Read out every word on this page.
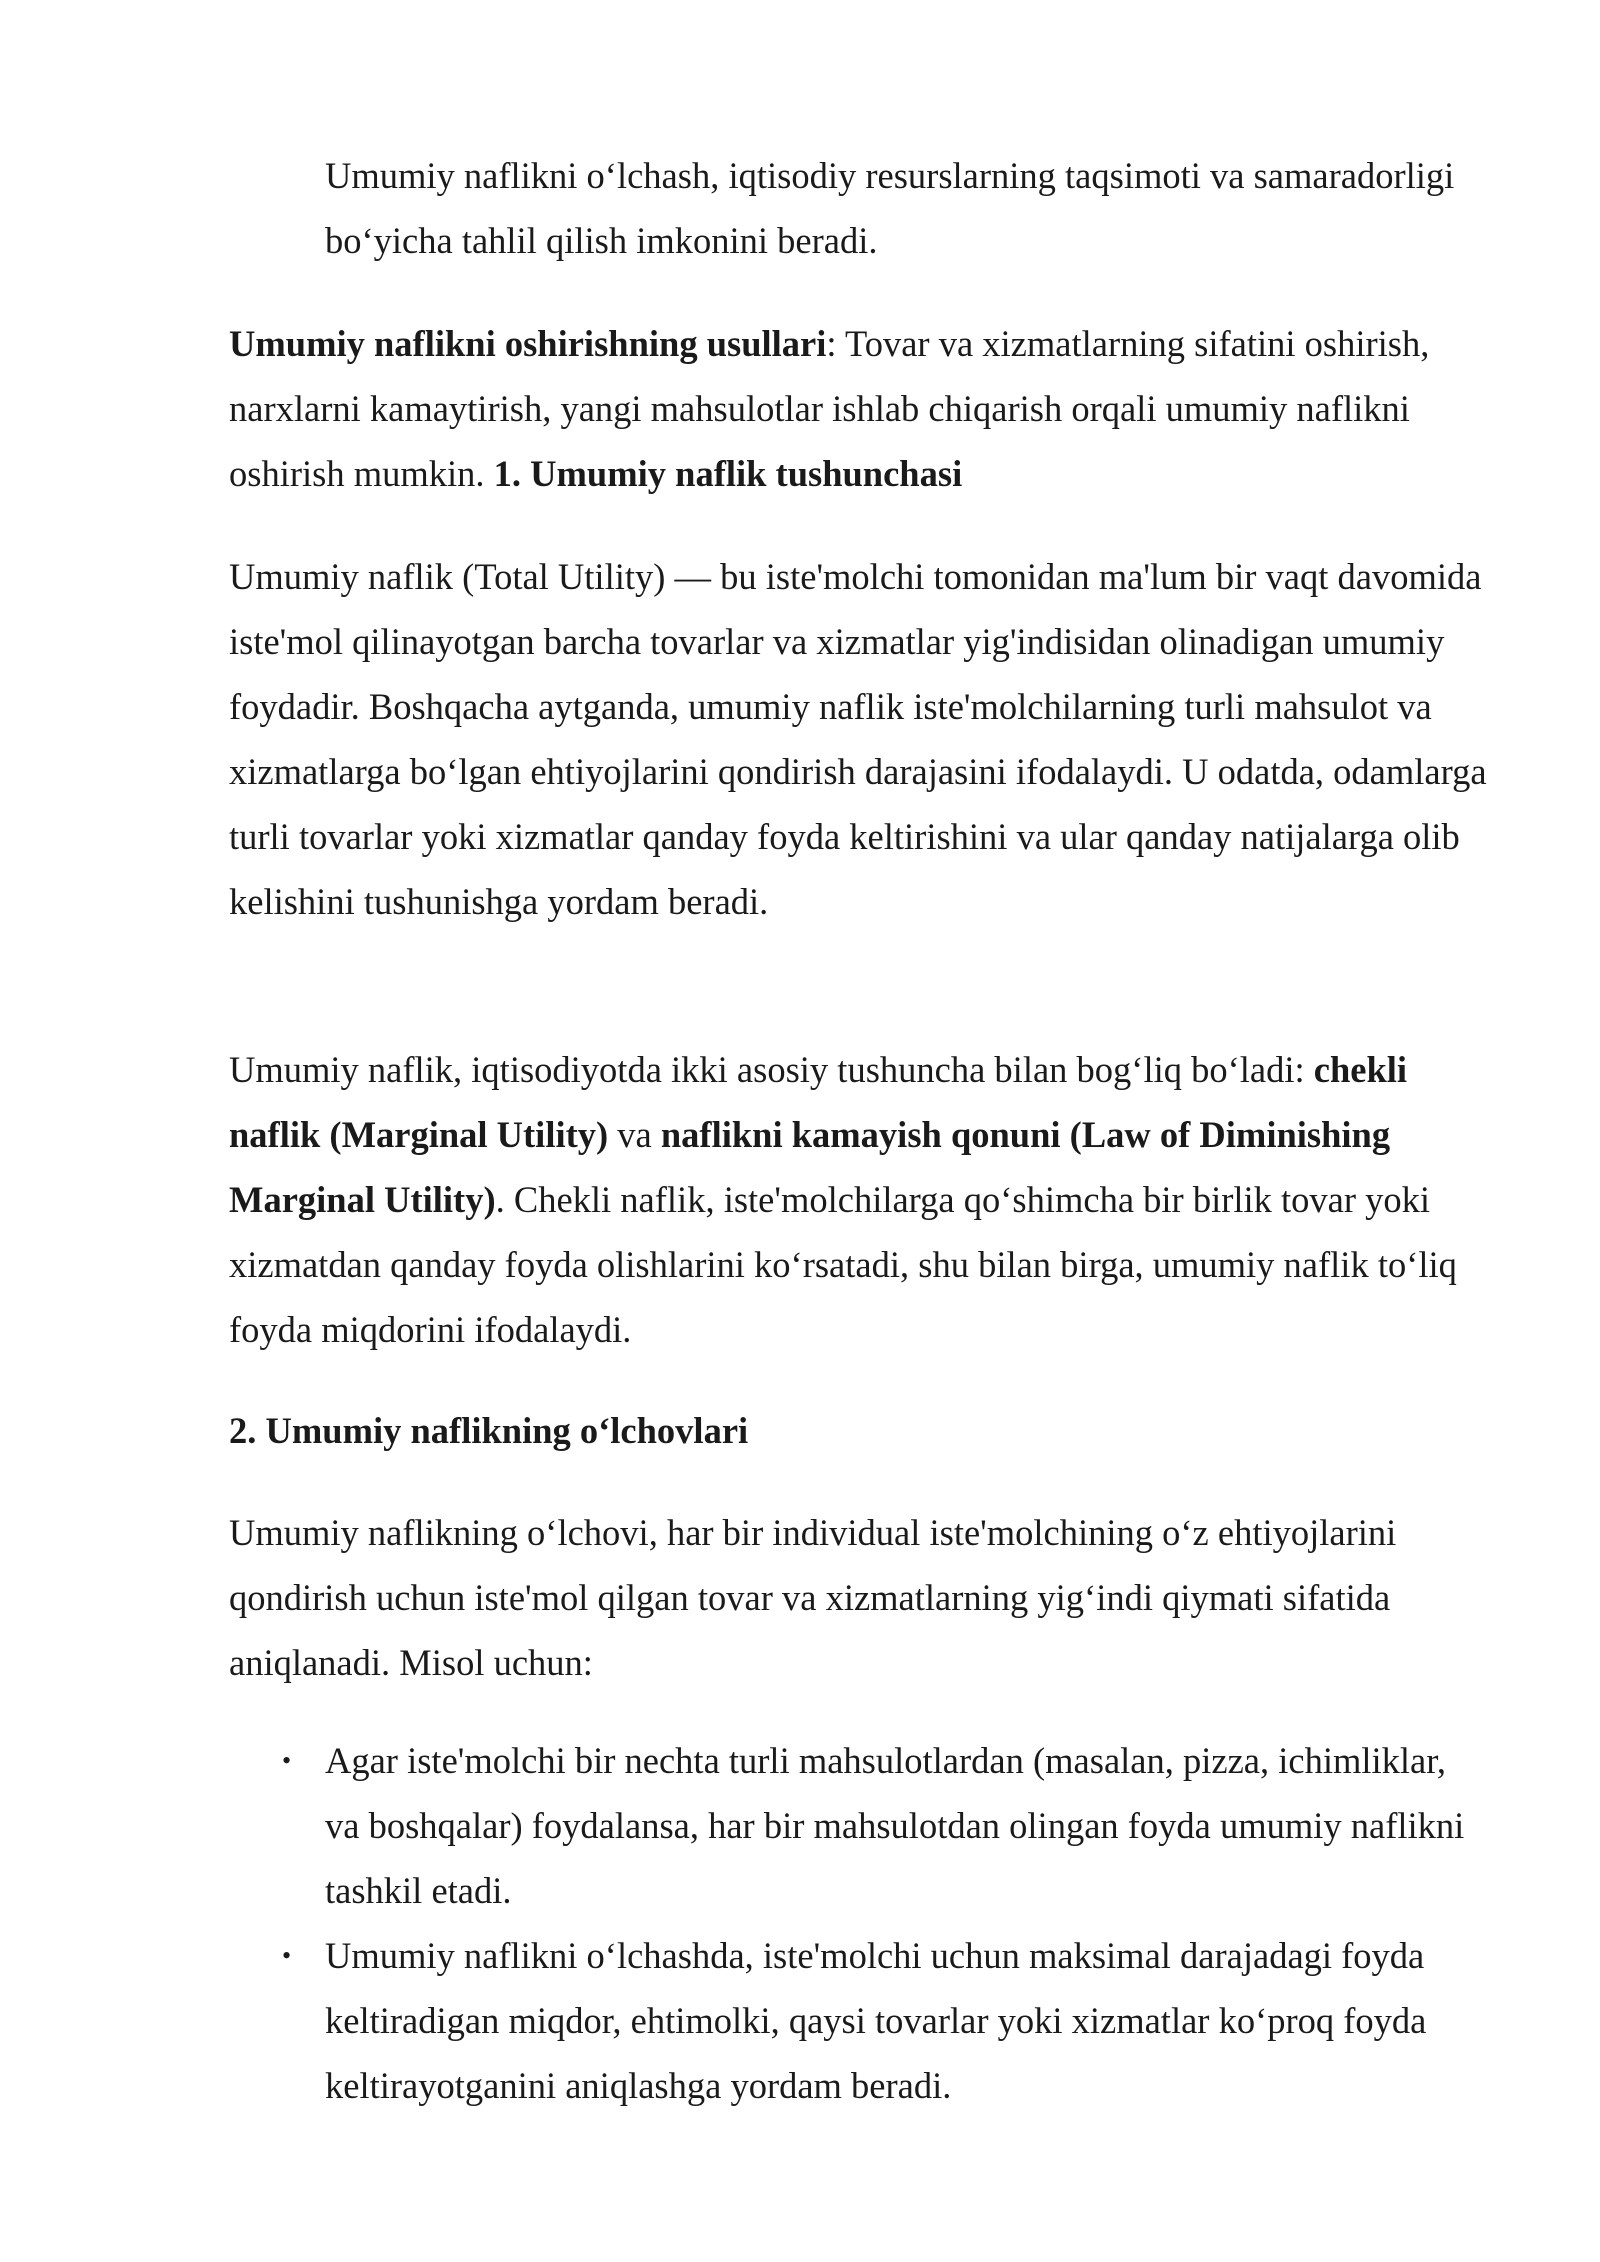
Umumiy naflikni o‘lchash, iqtisodiy resurslarning taqsimoti va samaradorligi bo‘yicha tahlil qilish imkonini beradi.

Umumiy naflikni oshirishning usullari: Tovar va xizmatlarning sifatini oshirish, narxlarni kamaytirish, yangi mahsulotlar ishlab chiqarish orqali umumiy naflikni oshirish mumkin. 1. Umumiy naflik tushunchasi

Umumiy naflik (Total Utility) — bu iste'molchi tomonidan ma'lum bir vaqt davomida iste'mol qilinayotgan barcha tovarlar va xizmatlar yig'indisidan olinadigan umumiy foydadir. Boshqacha aytganda, umumiy naflik iste'molchilarning turli mahsulot va xizmatlarga bo‘lgan ehtiyojlarini qondirish darajasini ifodalaydi. U odatda, odamlarga turli tovarlar yoki xizmatlar qanday foyda keltirishini va ular qanday natijalarga olib kelishini tushunishga yordam beradi.

Umumiy naflik, iqtisodiyotda ikki asosiy tushuncha bilan bog‘liq bo‘ladi: chekli naflik (Marginal Utility) va naflikni kamayish qonuni (Law of Diminishing Marginal Utility). Chekli naflik, iste'molchilarga qo‘shimcha bir birlik tovar yoki xizmatdan qanday foyda olishlarini ko‘rsatadi, shu bilan birga, umumiy naflik to‘liq foyda miqdorini ifodalaydi.

2. Umumiy naflikning o‘lchovlari

Umumiy naflikning o‘lchovi, har bir individual iste'molchining o‘z ehtiyojlarini qondirish uchun iste'mol qilgan tovar va xizmatlarning yig‘indi qiymati sifatida aniqlanadi. Misol uchun:

• Agar iste'molchi bir nechta turli mahsulotlardan (masalan, pizza, ichimliklar, va boshqalar) foydalansa, har bir mahsulotdan olingan foyda umumiy naflikni tashkil etadi.
• Umumiy naflikni o‘lchashda, iste'molchi uchun maksimal darajadagi foyda keltiradigan miqdor, ehtimolki, qaysi tovarlar yoki xizmatlar ko‘proq foyda keltirayotganini aniqlashga yordam beradi.
